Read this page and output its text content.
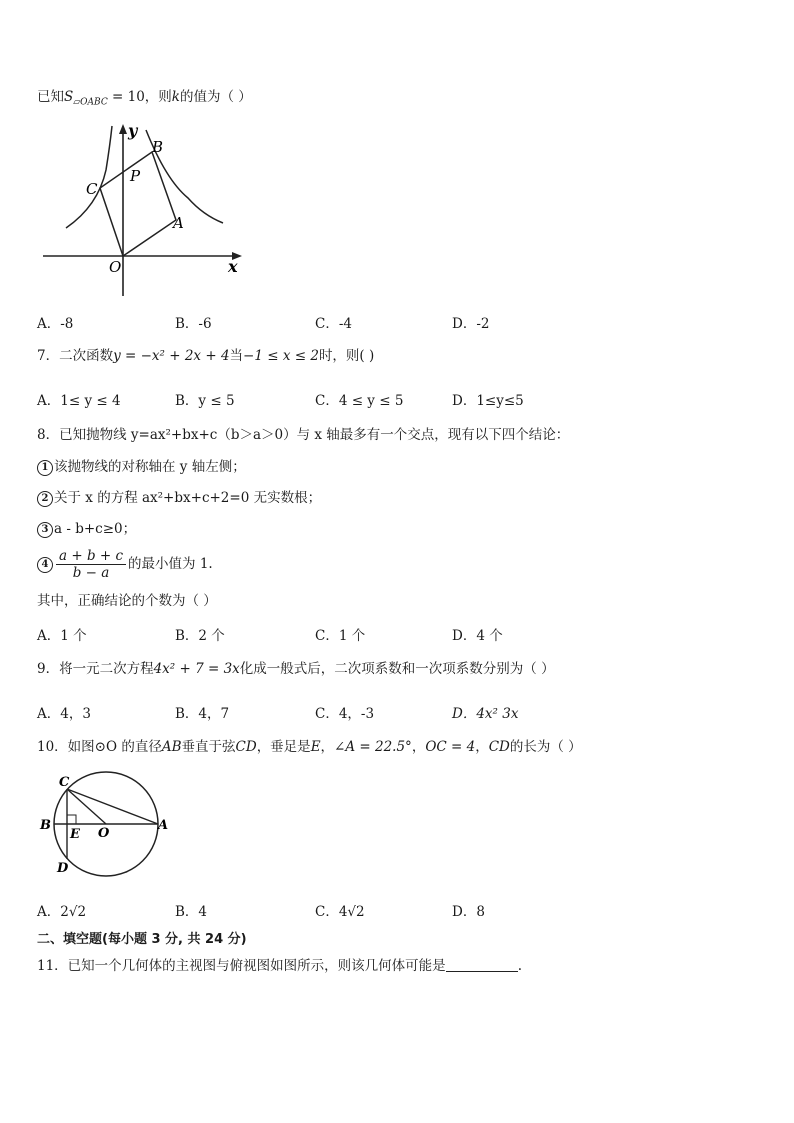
已知$S_{▱OABC} = 10$，则k的值为（ ）
y
x
O
A
B
C
P
A．-8	B．-6	C．-4	D．-2
7．二次函数y = −x² + 2x + 4当−1 ≤ x ≤ 2时，则( )
A．1≤ y ≤ 4	B．y ≤ 5	C．4 ≤ y ≤ 5	D．1≤y≤5
8．已知抛物线 y=ax²+bx+c（b＞a＞0）与 x 轴最多有一个交点，现有以下四个结论：
1 该抛物线的对称轴在 y 轴左侧；
2 关于 x 的方程 ax²+bx+c+2=0 无实数根；
3 a - b+c≥0；
$4 \frac{a + b + c}{b - a}$ 的最小值为 1.
其中，正确结论的个数为（ ）
A．1 个	B．2 个	C．1 个	D．4 个
9．将一元二次方程4x² + 7 = 3x化成一般式后，二次项系数和一次项系数分别为（ ）
A．4，3	B．4，7	C．4，-3	D．4x² 3x
10．如图⊙O 的直径AB垂直于弦CD，垂足是E，∠A = 22.5°，OC = 4，CD的长为（ ）
C
B	A
E O
D
A．2√2	B．4	C．4√2	D．8
二、填空题(每小题 3 分, 共 24 分)
11．已知一个几何体的主视图与俯视图如图所示，则该几何体可能是	.
